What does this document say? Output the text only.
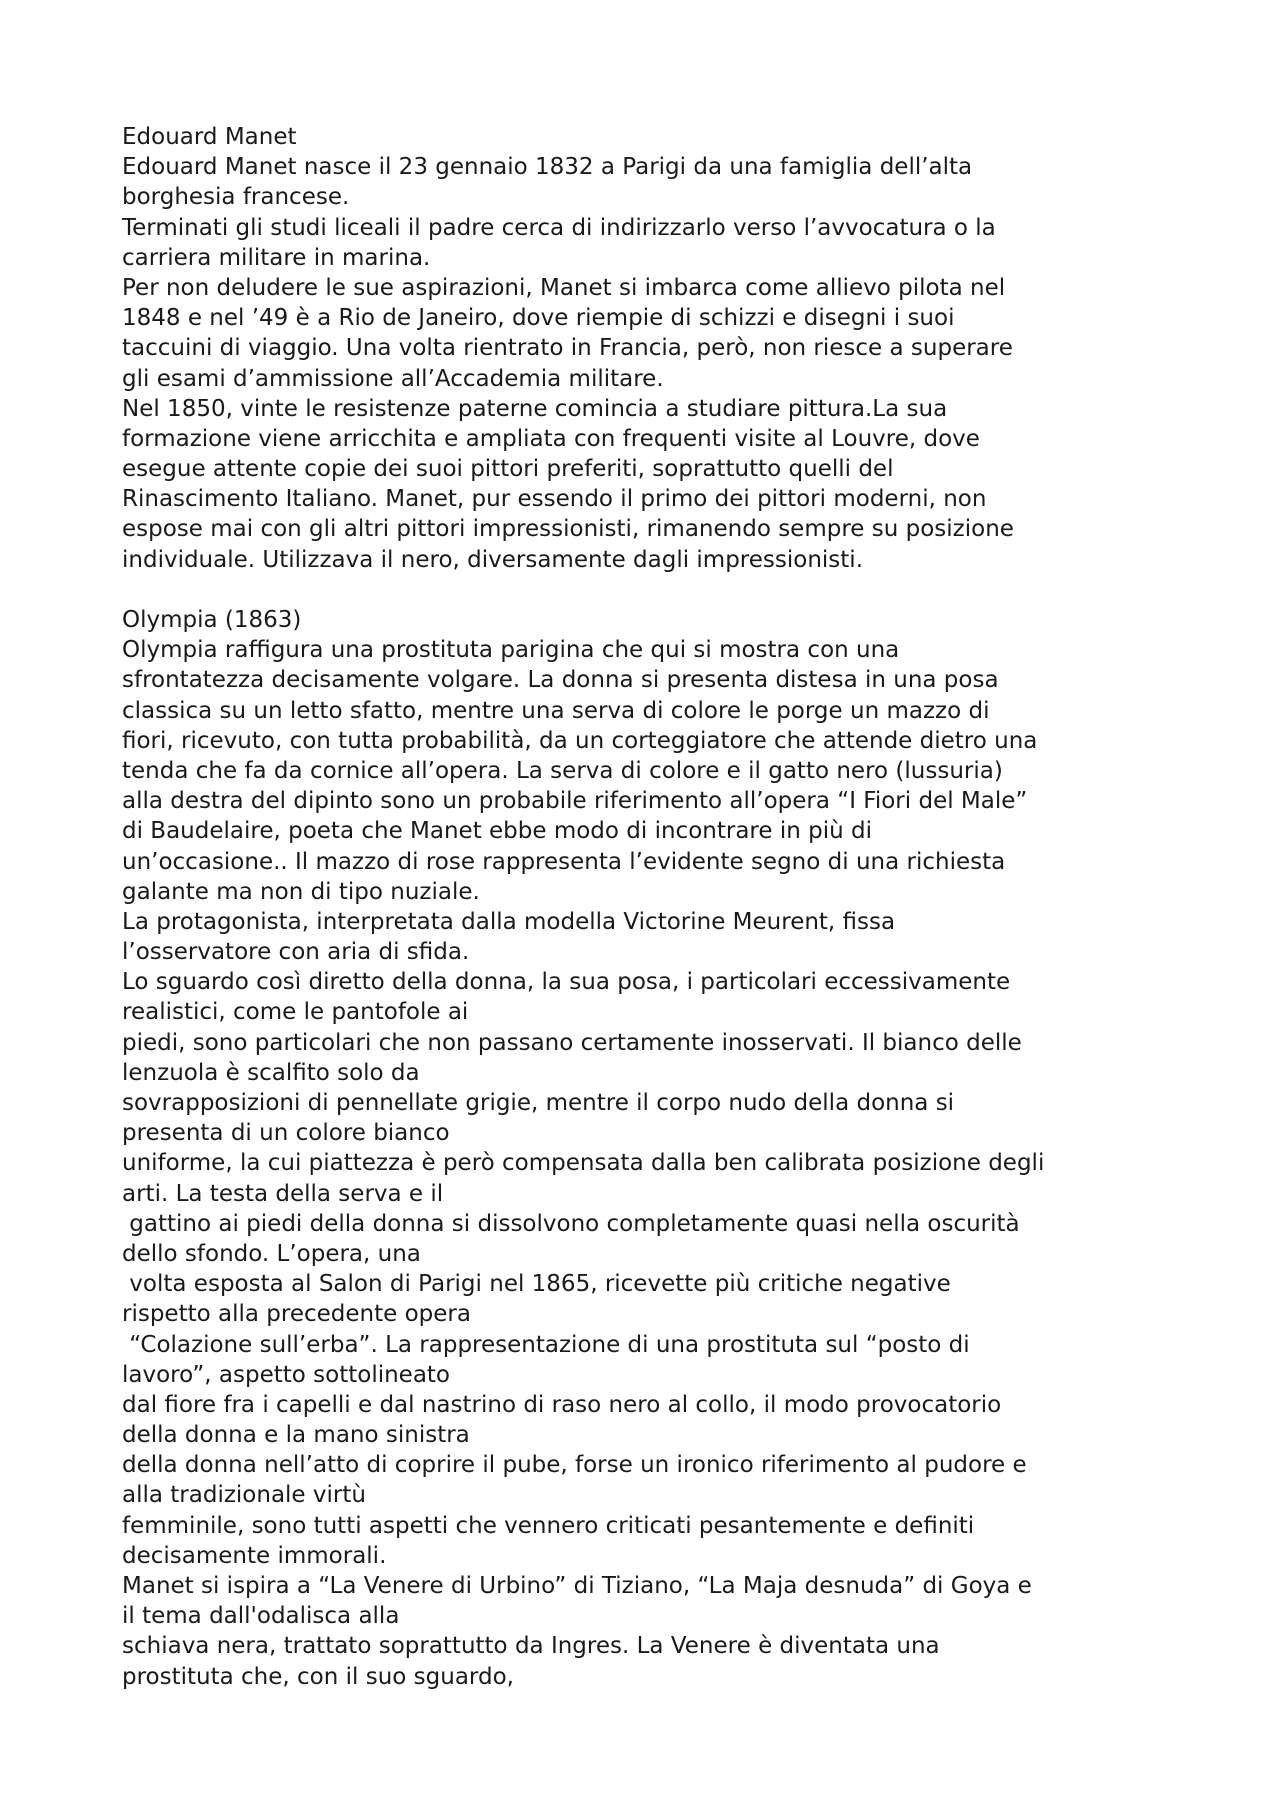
Edouard Manet
Edouard Manet nasce il 23 gennaio 1832 a Parigi da una famiglia dell’alta
borghesia francese.
Terminati gli studi liceali il padre cerca di indirizzarlo verso l’avvocatura o la
carriera militare in marina.
Per non deludere le sue aspirazioni, Manet si imbarca come allievo pilota nel
1848 e nel ’49 è a Rio de Janeiro, dove riempie di schizzi e disegni i suoi
taccuini di viaggio. Una volta rientrato in Francia, però, non riesce a superare
gli esami d’ammissione all’Accademia militare.
Nel 1850, vinte le resistenze paterne comincia a studiare pittura.La sua
formazione viene arricchita e ampliata con frequenti visite al Louvre, dove
esegue attente copie dei suoi pittori preferiti, soprattutto quelli del
Rinascimento Italiano. Manet, pur essendo il primo dei pittori moderni, non
espose mai con gli altri pittori impressionisti, rimanendo sempre su posizione
individuale. Utilizzava il nero, diversamente dagli impressionisti.
Olympia (1863)
Olympia raffigura una prostituta parigina che qui si mostra con una
sfrontatezza decisamente volgare. La donna si presenta distesa in una posa
classica su un letto sfatto, mentre una serva di colore le porge un mazzo di
fiori, ricevuto, con tutta probabilità, da un corteggiatore che attende dietro una
tenda che fa da cornice all’opera. La serva di colore e il gatto nero (lussuria)
alla destra del dipinto sono un probabile riferimento all’opera “I Fiori del Male”
di Baudelaire, poeta che Manet ebbe modo di incontrare in più di
un’occasione.. Il mazzo di rose rappresenta l’evidente segno di una richiesta
galante ma non di tipo nuziale.
La protagonista, interpretata dalla modella Victorine Meurent, fissa
l’osservatore con aria di sfida.
Lo sguardo così diretto della donna, la sua posa, i particolari eccessivamente
realistici, come le pantofole ai
piedi, sono particolari che non passano certamente inosservati. Il bianco delle
lenzuola è scalfito solo da
sovrapposizioni di pennellate grigie, mentre il corpo nudo della donna si
presenta di un colore bianco
uniforme, la cui piattezza è però compensata dalla ben calibrata posizione degli
arti. La testa della serva e il
gattino ai piedi della donna si dissolvono completamente quasi nella oscurità
dello sfondo. L’opera, una
volta esposta al Salon di Parigi nel 1865, ricevette più critiche negative
rispetto alla precedente opera
“Colazione sull’erba”. La rappresentazione di una prostituta sul “posto di
lavoro”, aspetto sottolineato
dal fiore fra i capelli e dal nastrino di raso nero al collo, il modo provocatorio
della donna e la mano sinistra
della donna nell’atto di coprire il pube, forse un ironico riferimento al pudore e
alla tradizionale virtù
femminile, sono tutti aspetti che vennero criticati pesantemente e definiti
decisamente immorali.
Manet si ispira a “La Venere di Urbino” di Tiziano, “La Maja desnuda” di Goya e
il tema dall'odalisca alla
schiava nera, trattato soprattutto da Ingres. La Venere è diventata una
prostituta che, con il suo sguardo,
